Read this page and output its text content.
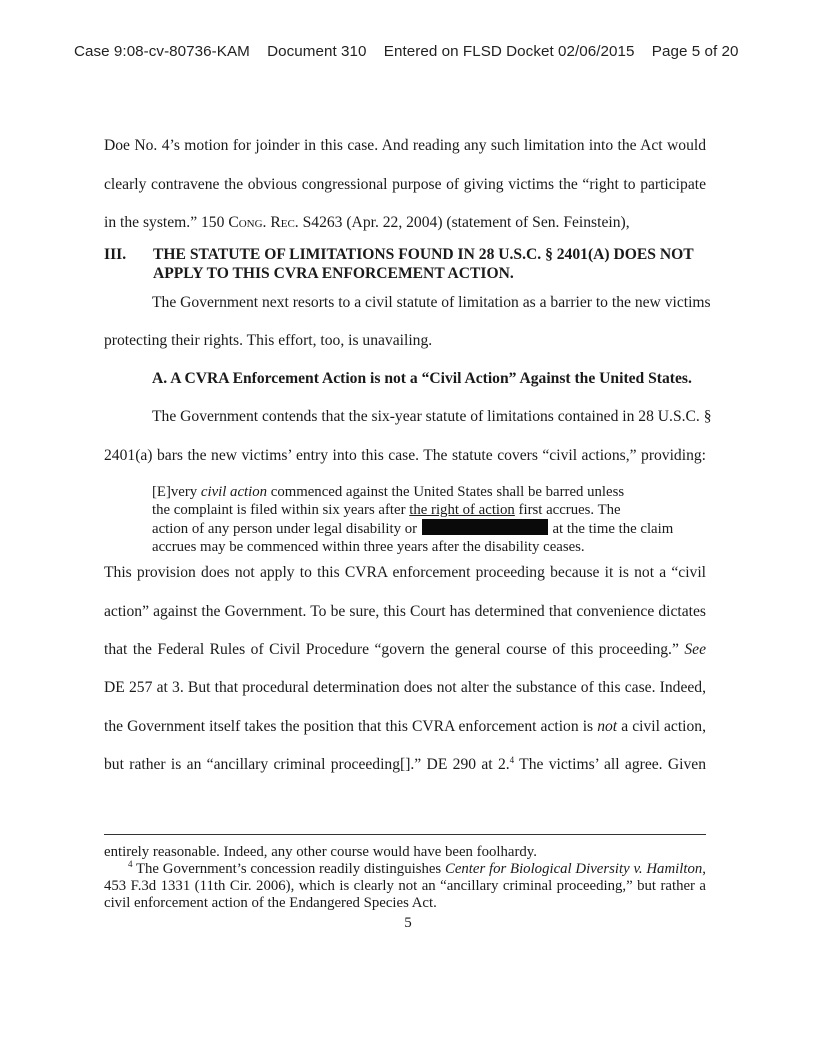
Case 9:08-cv-80736-KAM Document 310 Entered on FLSD Docket 02/06/2015 Page 5 of 20
Doe No. 4’s motion for joinder in this case. And reading any such limitation into the Act would
clearly contravene the obvious congressional purpose of giving victims the “right to participate
in the system.” 150 Cong. Rec. S4263 (Apr. 22, 2004) (statement of Sen. Feinstein),
III. THE STATUTE OF LIMITATIONS FOUND IN 28 U.S.C. § 2401(A) DOES NOT APPLY TO THIS CVRA ENFORCEMENT ACTION.
The Government next resorts to a civil statute of limitation as a barrier to the new victims
protecting their rights. This effort, too, is unavailing.
A. A CVRA Enforcement Action is not a “Civil Action” Against the United States.
The Government contends that the six-year statute of limitations contained in 28 U.S.C. §
2401(a) bars the new victims’ entry into this case. The statute covers “civil actions,” providing:
[E]very civil action commenced against the United States shall be barred unless
the complaint is filed within six years after the right of action first accrues. The
action of any person under legal disability or	at the time the claim
accrues may be commenced within three years after the disability ceases.
This provision does not apply to this CVRA enforcement proceeding because it is not a “civil
action” against the Government. To be sure, this Court has determined that convenience dictates
that the Federal Rules of Civil Procedure “govern the general course of this proceeding.” See
DE 257 at 3. But that procedural determination does not alter the substance of this case. Indeed,
the Government itself takes the position that this CVRA enforcement action is not a civil action,
but rather is an “ancillary criminal proceeding[].” DE 290 at 2.$^4$ The victims’ all agree. Given
entirely reasonable. Indeed, any other course would have been foolhardy.
$^4$ The Government’s concession readily distinguishes Center for Biological Diversity v. Hamilton, 453 F.3d 1331 (11th Cir. 2006), which is clearly not an “ancillary criminal proceeding,” but rather a civil enforcement action of the Endangered Species Act.
5
